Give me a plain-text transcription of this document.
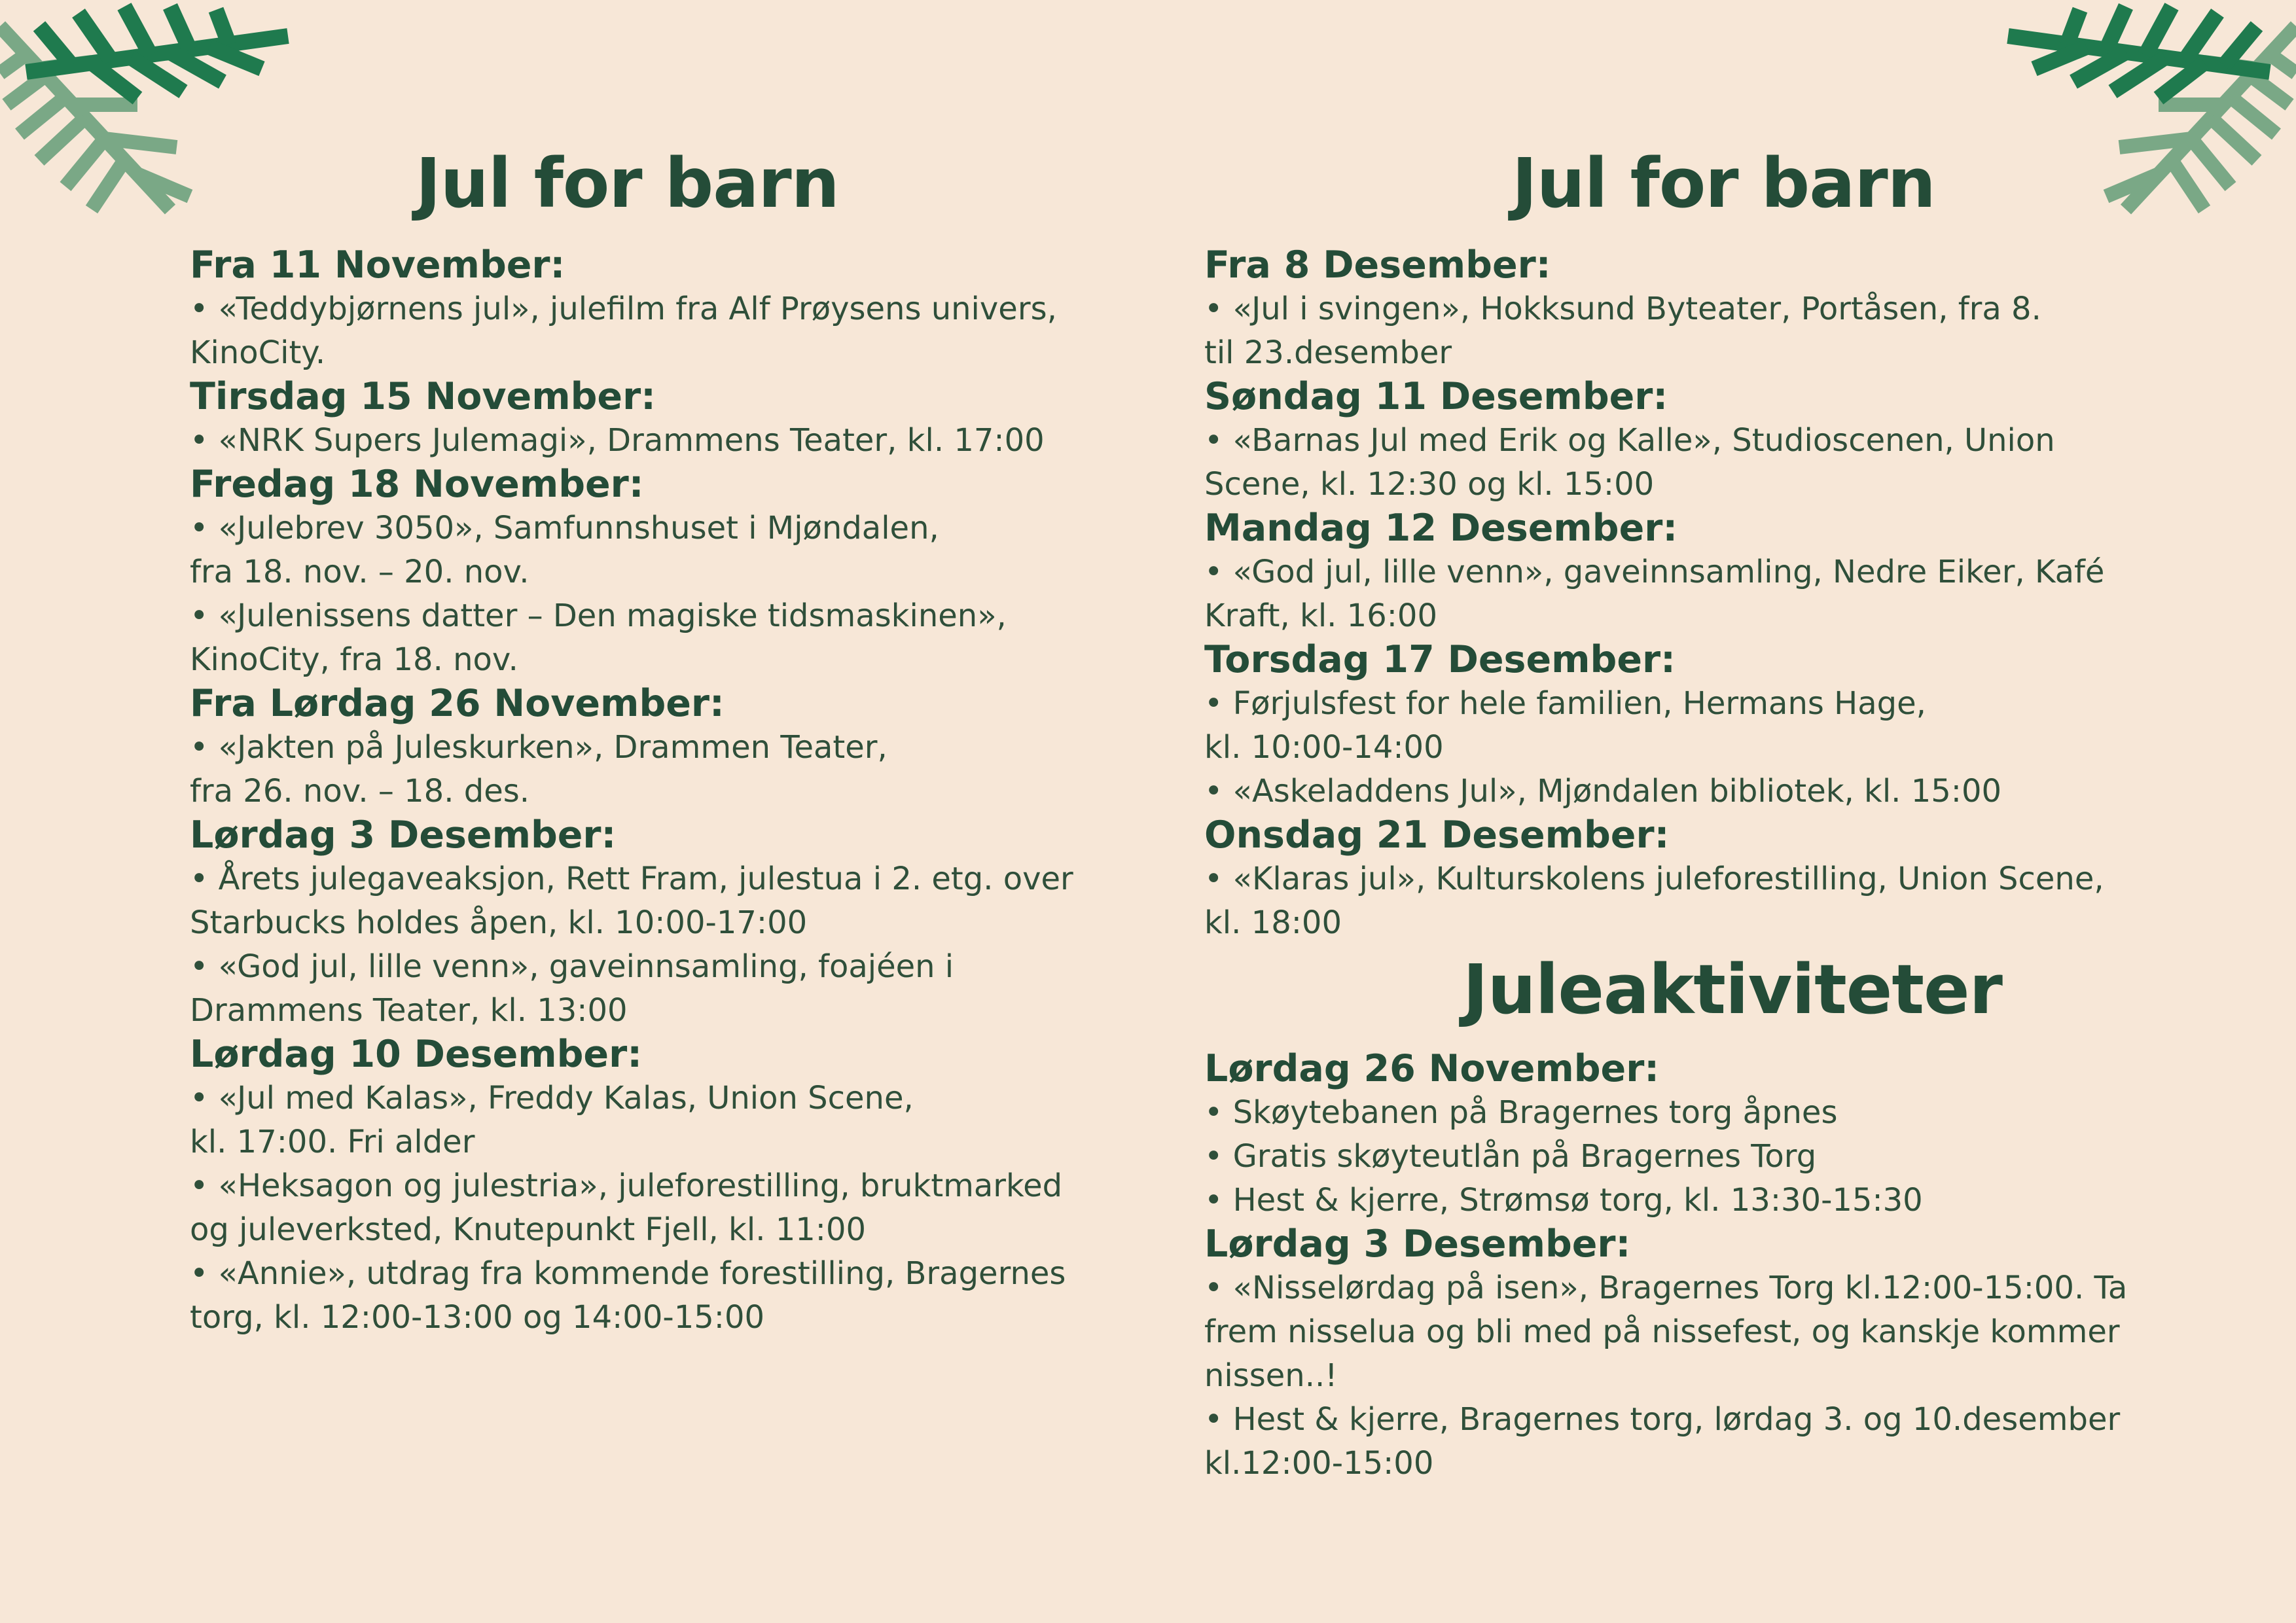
Jul for barn
Fra 11 November:
• «Teddybjørnens jul», julefilm fra Alf Prøysens univers,
KinoCity.
Tirsdag 15 November:
• «NRK Supers Julemagi», Drammens Teater, kl. 17:00
Fredag 18 November:
• «Julebrev 3050», Samfunnshuset i Mjøndalen,
fra 18. nov. – 20. nov.
• «Julenissens datter – Den magiske tidsmaskinen»,
KinoCity, fra 18. nov.
Fra Lørdag 26 November:
• «Jakten på Juleskurken», Drammen Teater,
fra 26. nov. – 18. des.
Lørdag 3 Desember:
• Årets julegaveaksjon, Rett Fram, julestua i 2. etg. over
Starbucks holdes åpen, kl. 10:00-17:00
• «God jul, lille venn», gaveinnsamling, foajéen i
Drammens Teater, kl. 13:00
Lørdag 10 Desember:
• «Jul med Kalas», Freddy Kalas, Union Scene,
kl. 17:00. Fri alder
• «Heksagon og julestria», juleforestilling, bruktmarked
og juleverksted, Knutepunkt Fjell, kl. 11:00
• «Annie», utdrag fra kommende forestilling, Bragernes
torg, kl. 12:00-13:00 og 14:00-15:00
Jul for barn
Fra 8 Desember:
• «Jul i svingen», Hokksund Byteater, Portåsen, fra 8.
til 23.desember
Søndag 11 Desember:
• «Barnas Jul med Erik og Kalle», Studioscenen, Union
Scene, kl. 12:30 og kl. 15:00
Mandag 12 Desember:
• «God jul, lille venn», gaveinnsamling, Nedre Eiker, Kafé
Kraft, kl. 16:00
Torsdag 17 Desember:
• Førjulsfest for hele familien, Hermans Hage,
kl. 10:00-14:00
• «Askeladdens Jul», Mjøndalen bibliotek, kl. 15:00
Onsdag 21 Desember:
• «Klaras jul», Kulturskolens juleforestilling, Union Scene,
kl. 18:00
Juleaktiviteter
Lørdag 26 November:
• Skøytebanen på Bragernes torg åpnes
• Gratis skøyteutlån på Bragernes Torg
• Hest & kjerre, Strømsø torg, kl. 13:30-15:30
Lørdag 3 Desember:
• «Nisselørdag på isen», Bragernes Torg kl.12:00-15:00. Ta
frem nisselua og bli med på nissefest, og kanskje kommer
nissen..!
• Hest & kjerre, Bragernes torg, lørdag 3. og 10.desember
kl.12:00-15:00
